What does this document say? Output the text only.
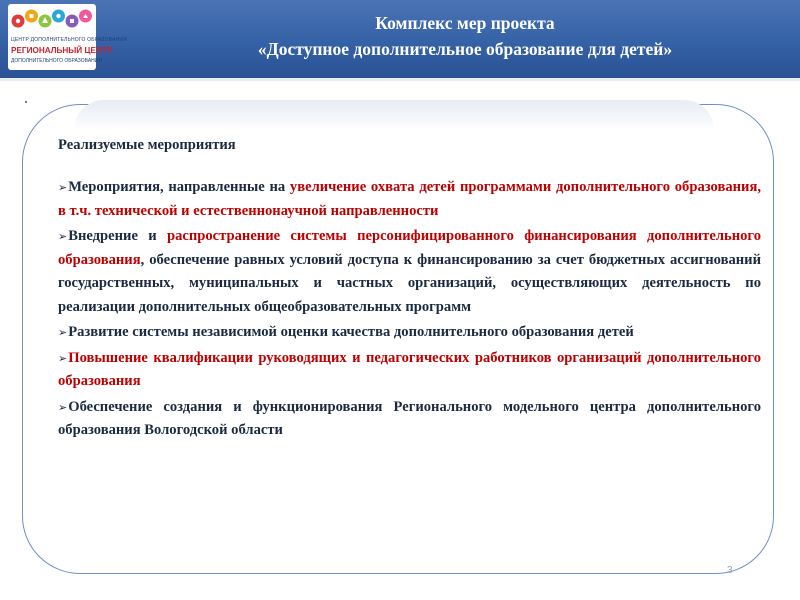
ЦЕНТР ДОПОЛНИТЕЛЬНОГО ОБРАЗОВАНИЯ
РЕГИОНАЛЬНЫЙ ЦЕНТР
ДОПОЛНИТЕЛЬНОГО ОБРАЗОВАНИЯ
Комплекс мер проекта
«Доступное дополнительное образование для детей»
Реализуемые мероприятия
➢Мероприятия, направленные на увеличение охвата детей программами дополнительного образования, в т.ч. технической и естественнонаучной направленности
➢Внедрение и распространение системы персонифицированного финансирования дополнительного образования, обеспечение равных условий доступа к финансированию за счет бюджетных ассигнований государственных, муниципальных и частных организаций, осуществляющих деятельность по реализации дополнительных общеобразовательных программ
➢Развитие системы независимой оценки качества дополнительного образования детей
➢Повышение квалификации руководящих и педагогических работников организаций дополнительного образования
➢Обеспечение создания и функционирования Регионального модельного центра дополнительного образования Вологодской области
3
